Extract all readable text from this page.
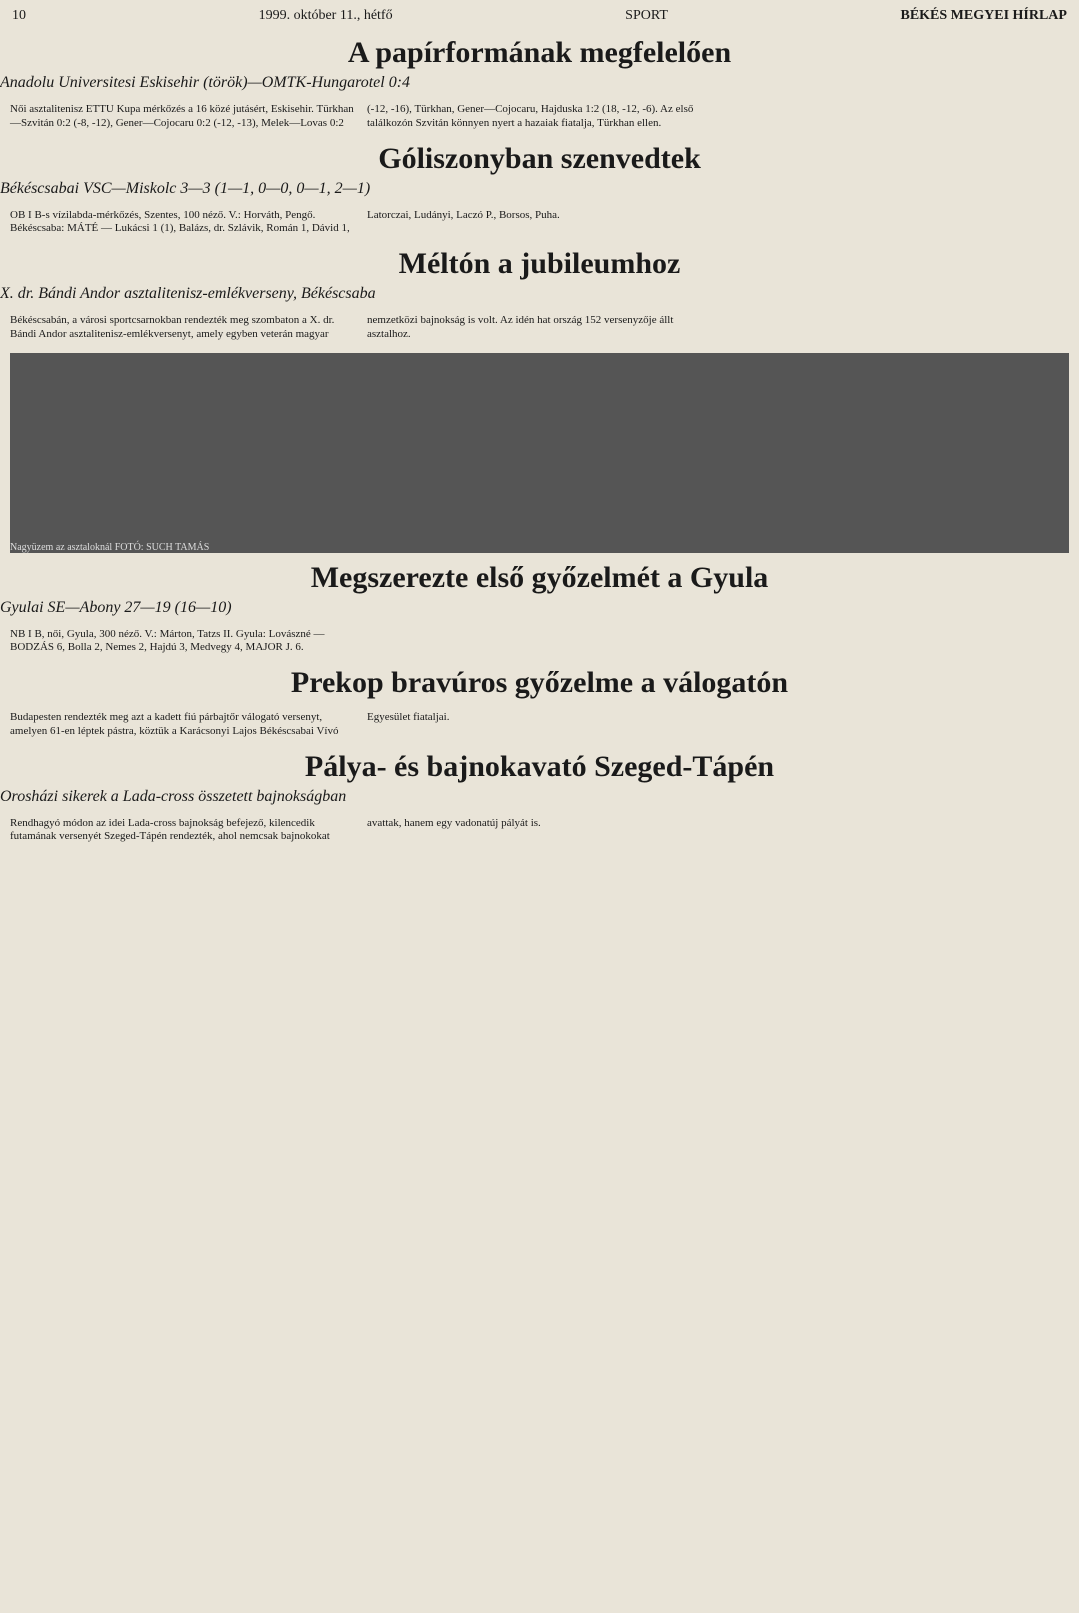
10	1999. október 11., hétfő	SPORT	BÉKÉS MEGYEI HÍRLAP
A papírformának megfelelően
Anadolu Universitesi Eskisehir (török)—OMTK-Hungarotel 0:4

Női asztalitenisz ETTU Kupa mérkőzés a 16 közé jutásért, Eskisehir. Türkhan—Szvitán 0:2 (-8, -12), Gener—Cojocaru 0:2 (-12, -13), Melek—Lovas 0:2 (-12, -16), Türkhan, Gener—Cojocaru, Hajduska 1:2 (18, -12, -6). Az első találkozón Szvitán könnyen nyert a hazaiak fiatalja, Türkhan ellen.

Góliszonyban szenvedtek
Békéscsabai VSC—Miskolc 3—3 (1—1, 0—0, 0—1, 2—1)

OB I B-s vízilabda-mérkőzés, Szentes, 100 néző. V.: Horváth, Pengő. Békéscsaba: MÁTÉ — Lukácsi 1 (1), Balázs, dr. Szlávik, Román 1, Dávid 1, Latorczai, Ludányi, Laczó P., Borsos, Puha.

Méltón a jubileumhoz
X. dr. Bándi Andor asztalitenisz-emlékverseny, Békéscsaba

Békéscsabán, a városi sportcsarnokban rendezték meg szombaton a X. dr. Bándi Andor asztalitenisz-emlékversenyt, amely egyben veterán magyar nemzetközi bajnokság is volt. Az idén hat ország 152 versenyzője állt asztalhoz.

Nagyüzem az asztaloknál
FOTÓ: SUCH TAMÁS
Megszerezte első győzelmét a Gyula
Gyulai SE—Abony 27—19 (16—10)

NB I B, női, Gyula, 300 néző. V.: Márton, Tatzs II. Gyula: Lovászné — BODZÁS 6, Bolla 2, Nemes 2, Hajdú 3, Medvegy 4, MAJOR J. 6.

Prekop bravúros győzelme a válogatón

Budapesten rendezték meg azt a kadett fiú párbajtőr válogató versenyt, amelyen 61-en léptek pástra, köztük a Karácsonyi Lajos Békéscsabai Vívó Egyesület fiataljai.

Pálya- és bajnokavató Szeged-Tápén
Orosházi sikerek a Lada-cross összetett bajnokságban

Rendhagyó módon az idei Lada-cross bajnokság befejező, kilencedik futamának versenyét Szeged-Tápén rendezték, ahol nemcsak bajnokokat avattak, hanem egy vadonatúj pályát is.
